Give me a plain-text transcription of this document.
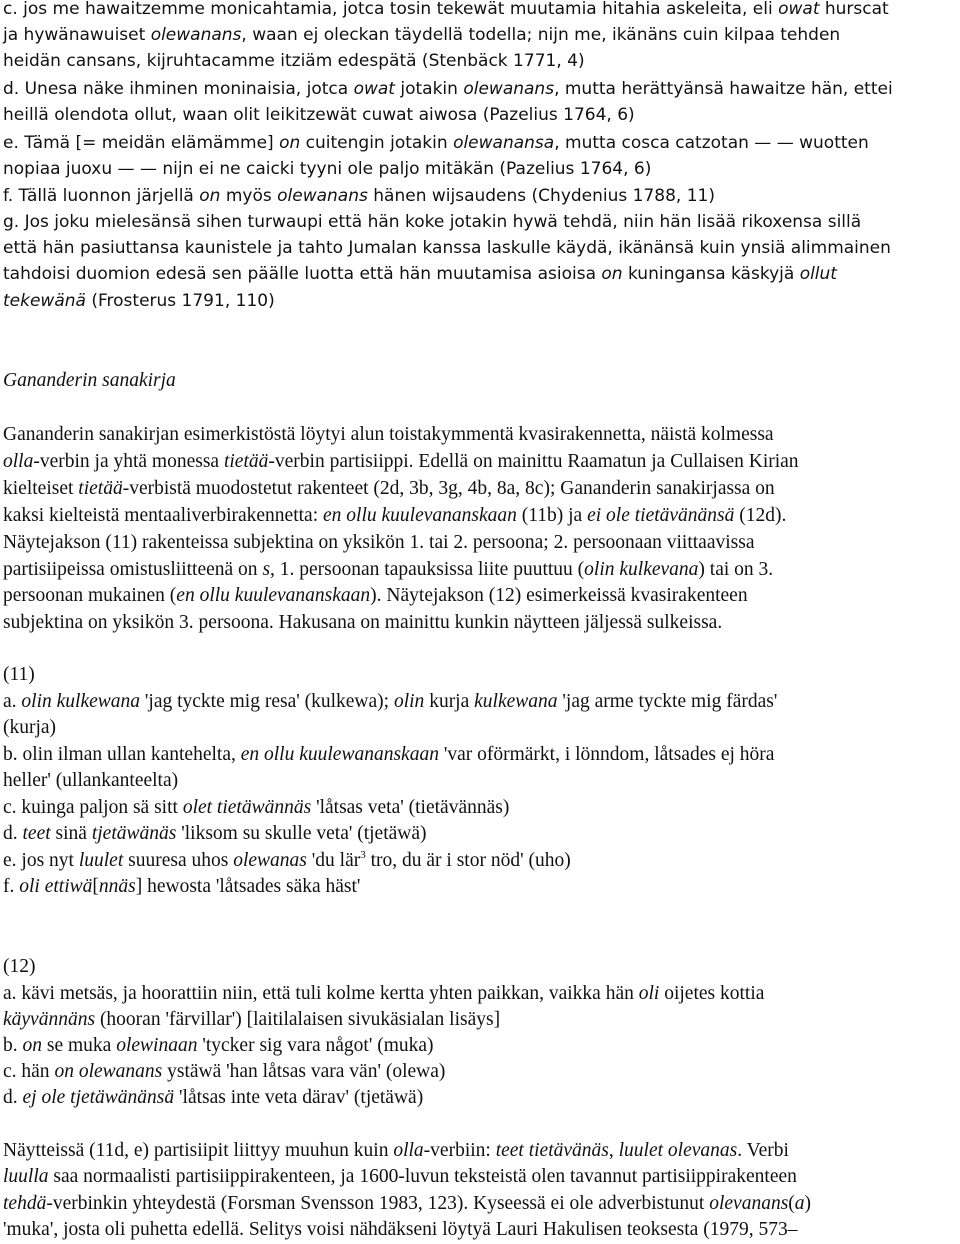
c. jos me hawaitzemme monicahtamia, jotca tosin tekewät muutamia hitahia askeleita, eli owat hurscat
ja hywänawuiset olewanans, waan ej oleckan täydellä todella; nijn me, ikänäns cuin kilpaa tehden
heidän cansans, kijruhtacamme itziäm edespätä (Stenbäck 1771, 4)
d. Unesa näke ihminen moninaisia, jotca owat jotakin olewanans, mutta herättyänsä hawaitze hän, ettei
heillä olendota ollut, waan olit leikitzewät cuwat aiwosa (Pazelius 1764, 6)
e. Tämä [= meidän elämämme] on cuitengin jotakin olewanansa, mutta cosca catzotan — — wuotten
nopiaa juoxu — — nijn ei ne caicki tyyni ole paljo mitäkän (Pazelius 1764, 6)
f. Tällä luonnon järjellä on myös olewanans hänen wijsaudens (Chydenius 1788, 11)
g. Jos joku mielesänsä sihen turwaupi että hän koke jotakin hywä tehdä, niin hän lisää rikoxensa sillä
että hän pasiuttansa kaunistele ja tahto Jumalan kanssa laskulle käydä, ikänänsä kuin ynsiä alimmainen
tahdoisi duomion edesä sen päälle luotta että hän muutamisa asioisa on kuningansa käskyjä ollut
tekewänä (Frosterus 1791, 110)
Gananderin sanakirja
Gananderin sanakirjan esimerkistöstä löytyi alun toistakymmentä kvasirakennetta, näistä kolmessa
olla-verbin ja yhtä monessa tietää-verbin partisiippi. Edellä on mainittu Raamatun ja Cullaisen Kirian
kielteiset tietää-verbistä muodostetut rakenteet (2d, 3b, 3g, 4b, 8a, 8c); Gananderin sanakirjassa on
kaksi kielteistä mentaaliverbirakennetta: en ollu kuulevananskaan (11b) ja ei ole tietävänänsä (12d).
Näytejakson (11) rakenteissa subjektina on yksikön 1. tai 2. persoona; 2. persoonaan viittaavissa
partisiipeissa omistusliitteenä on s, 1. persoonan tapauksissa liite puuttuu (olin kulkevana) tai on 3.
persoonan mukainen (en ollu kuulevananskaan). Näytejakson (12) esimerkeissä kvasirakenteen
subjektina on yksikön 3. persoona. Hakusana on mainittu kunkin näytteen jäljessä sulkeissa.
(11)
a. olin kulkewana 'jag tyckte mig resa' (kulkewa); olin kurja kulkewana 'jag arme tyckte mig färdas'
(kurja)
b. olin ilman ullan kantehelta, en ollu kuulewananskaan 'var oförmärkt, i lönndom, låtsades ej höra
heller' (ullankanteelta)
c. kuinga paljon sä sitt olet tietäwännäs 'låtsas veta' (tietävännäs)
d. teet sinä tjetäwänäs 'liksom su skulle veta' (tjetäwä)
e. jos nyt luulet suuresa uhos olewanas 'du lär$^3$ tro, du är i stor nöd' (uho)
f. oli ettiwä[nnäs] hewosta 'låtsades säka häst'
(12)
a. kävi metsäs, ja hoorattiin niin, että tuli kolme kertta yhten paikkan, vaikka hän oli oijetes kottia
käyvännäns (hooran 'färvillar') [laitilalaisen sivukäsialan lisäys]
b. on se muka olewinaan 'tycker sig vara något' (muka)
c. hän on olewanans ystäwä 'han låtsas vara vän' (olewa)
d. ej ole tjetäwänänsä 'låtsas inte veta därav' (tjetäwä)
Näytteissä (11d, e) partisiipit liittyy muuhun kuin olla-verbiin: teet tietävänäs, luulet olevanas. Verbi
luulla saa normaalisti partisiippirakenteen, ja 1600-luvun teksteistä olen tavannut partisiippirakenteen
tehdä-verbinkin yhteydestä (Forsman Svensson 1983, 123). Kyseessä ei ole adverbistunut olevanans(a)
'muka', josta oli puhetta edellä. Selitys voisi nähdäkseni löytyä Lauri Hakulisen teoksesta (1979, 573–
